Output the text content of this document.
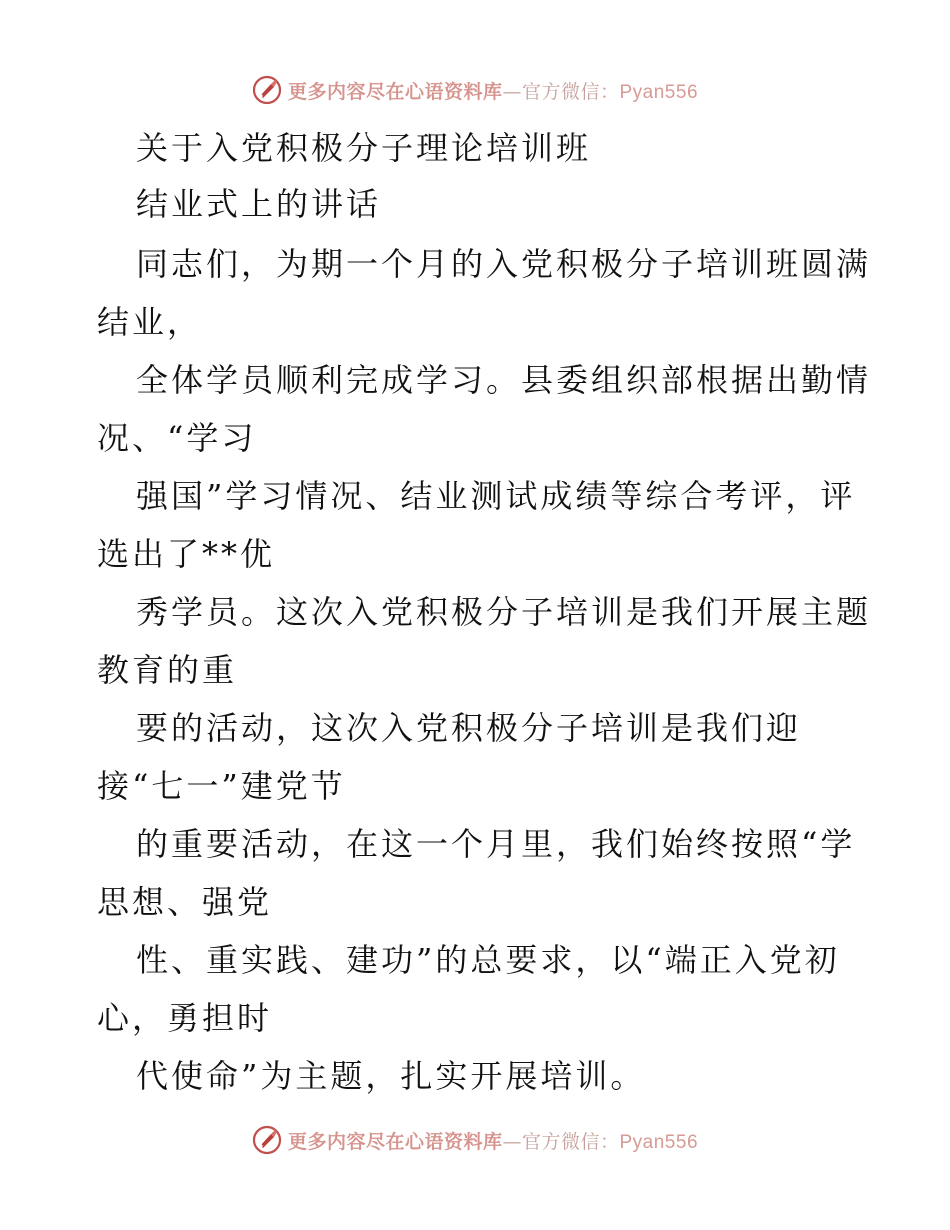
更多内容尽在心语资料库—官方微信：Pyan556
关于入党积极分子理论培训班
结业式上的讲话
同志们，为期一个月的入党积极分子培训班圆满
结业，
全体学员顺利完成学习。县委组织部根据出勤情
况、“学习
强国”学习情况、结业测试成绩等综合考评，评
选出了**优
秀学员。这次入党积极分子培训是我们开展主题
教育的重
要的活动，这次入党积极分子培训是我们迎
接“七一”建党节
的重要活动，在这一个月里，我们始终按照“学
思想、强党
性、重实践、建功”的总要求，以“端正入党初
心，勇担时
代使命”为主题，扎实开展培训。
更多内容尽在心语资料库—官方微信：Pyan556
